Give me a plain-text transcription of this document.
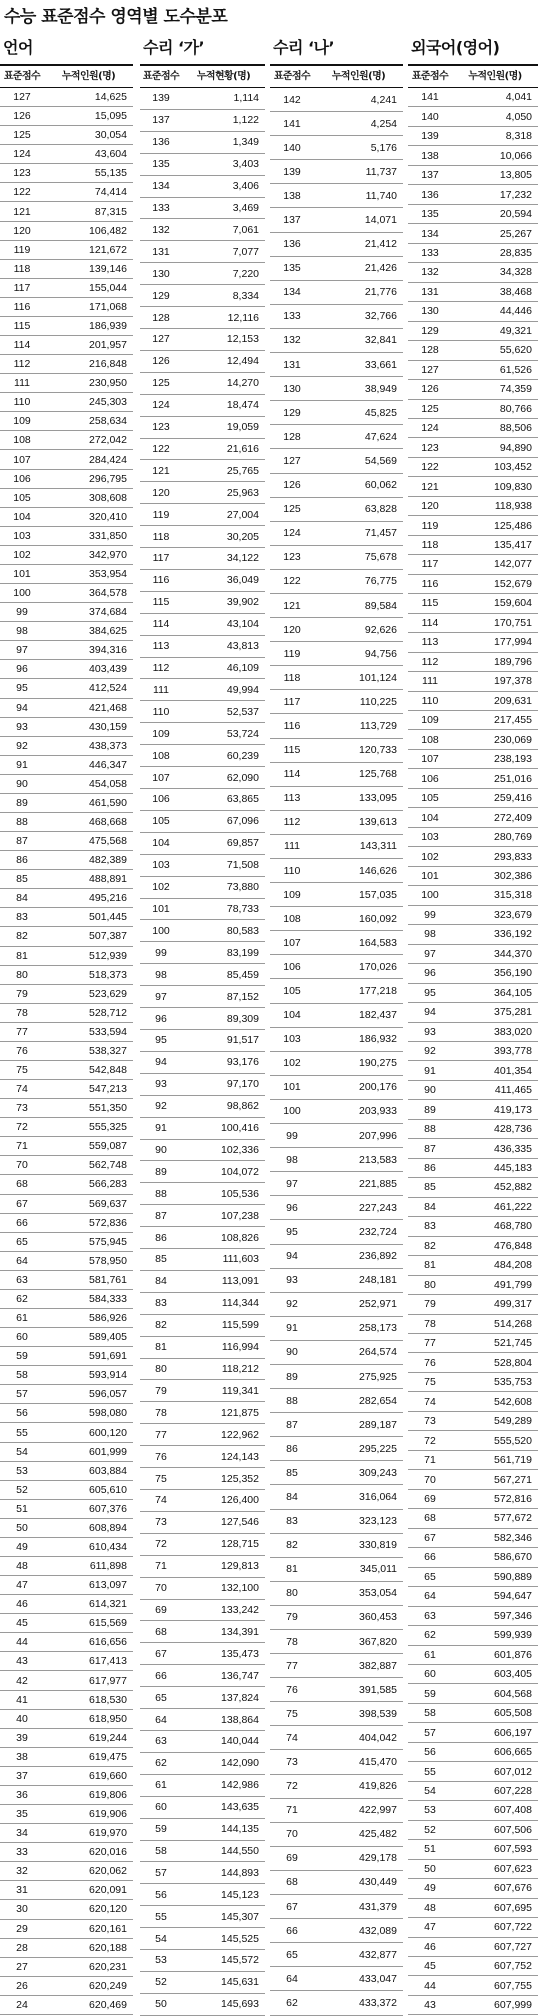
수능 표준점수 영역별 도수분포
언어
표준점수	누적인원(명)
127	14,625
126	15,095
125	30,054
124	43,604
123	55,135
122	74,414
121	87,315
120	106,482
119	121,672
118	139,146
117	155,044
116	171,068
115	186,939
114	201,957
112	216,848
111	230,950
110	245,303
109	258,634
108	272,042
107	284,424
106	296,795
105	308,608
104	320,410
103	331,850
102	342,970
101	353,954
100	364,578
99	374,684
98	384,625
97	394,316
96	403,439
95	412,524
94	421,468
93	430,159
92	438,373
91	446,347
90	454,058
89	461,590
88	468,668
87	475,568
86	482,389
85	488,891
84	495,216
83	501,445
82	507,387
81	512,939
80	518,373
79	523,629
78	528,712
77	533,594
76	538,327
75	542,848
74	547,213
73	551,350
72	555,325
71	559,087
70	562,748
68	566,283
67	569,637
66	572,836
65	575,945
64	578,950
63	581,761
62	584,333
61	586,926
60	589,405
59	591,691
58	593,914
57	596,057
56	598,080
55	600,120
54	601,999
53	603,884
52	605,610
51	607,376
50	608,894
49	610,434
48	611,898
47	613,097
46	614,321
45	615,569
44	616,656
43	617,413
42	617,977
41	618,530
40	618,950
39	619,244
38	619,475
37	619,660
36	619,806
35	619,906
34	619,970
33	620,016
32	620,062
31	620,091
30	620,120
29	620,161
28	620,188
27	620,231
26	620,249
24	620,469
수리 ‘가’
표준점수	누적현황(명)
139	1,114
137	1,122
136	1,349
135	3,403
134	3,406
133	3,469
132	7,061
131	7,077
130	7,220
129	8,334
128	12,116
127	12,153
126	12,494
125	14,270
124	18,474
123	19,059
122	21,616
121	25,765
120	25,963
119	27,004
118	30,205
117	34,122
116	36,049
115	39,902
114	43,104
113	43,813
112	46,109
111	49,994
110	52,537
109	53,724
108	60,239
107	62,090
106	63,865
105	67,096
104	69,857
103	71,508
102	73,880
101	78,733
100	80,583
99	83,199
98	85,459
97	87,152
96	89,309
95	91,517
94	93,176
93	97,170
92	98,862
91	100,416
90	102,336
89	104,072
88	105,536
87	107,238
86	108,826
85	111,603
84	113,091
83	114,344
82	115,599
81	116,994
80	118,212
79	119,341
78	121,875
77	122,962
76	124,143
75	125,352
74	126,400
73	127,546
72	128,715
71	129,813
70	132,100
69	133,242
68	134,391
67	135,473
66	136,747
65	137,824
64	138,864
63	140,044
62	142,090
61	142,986
60	143,635
59	144,135
58	144,550
57	144,893
56	145,123
55	145,307
54	145,525
53	145,572
52	145,631
50	145,693
수리 ‘나’
표준점수	누적인원(명)
142	4,241
141	4,254
140	5,176
139	11,737
138	11,740
137	14,071
136	21,412
135	21,426
134	21,776
133	32,766
132	32,841
131	33,661
130	38,949
129	45,825
128	47,624
127	54,569
126	60,062
125	63,828
124	71,457
123	75,678
122	76,775
121	89,584
120	92,626
119	94,756
118	101,124
117	110,225
116	113,729
115	120,733
114	125,768
113	133,095
112	139,613
111	143,311
110	146,626
109	157,035
108	160,092
107	164,583
106	170,026
105	177,218
104	182,437
103	186,932
102	190,275
101	200,176
100	203,933
99	207,996
98	213,583
97	221,885
96	227,243
95	232,724
94	236,892
93	248,181
92	252,971
91	258,173
90	264,574
89	275,925
88	282,654
87	289,187
86	295,225
85	309,243
84	316,064
83	323,123
82	330,819
81	345,011
80	353,054
79	360,453
78	367,820
77	382,887
76	391,585
75	398,539
74	404,042
73	415,470
72	419,826
71	422,997
70	425,482
69	429,178
68	430,449
67	431,379
66	432,089
65	432,877
64	433,047
62	433,372
외국어(영어)
표준점수	누적인원(명)
141	4,041
140	4,050
139	8,318
138	10,066
137	13,805
136	17,232
135	20,594
134	25,267
133	28,835
132	34,328
131	38,468
130	44,446
129	49,321
128	55,620
127	61,526
126	74,359
125	80,766
124	88,506
123	94,890
122	103,452
121	109,830
120	118,938
119	125,486
118	135,417
117	142,077
116	152,679
115	159,604
114	170,751
113	177,994
112	189,796
111	197,378
110	209,631
109	217,455
108	230,069
107	238,193
106	251,016
105	259,416
104	272,409
103	280,769
102	293,833
101	302,386
100	315,318
99	323,679
98	336,192
97	344,370
96	356,190
95	364,105
94	375,281
93	383,020
92	393,778
91	401,354
90	411,465
89	419,173
88	428,736
87	436,335
86	445,183
85	452,882
84	461,222
83	468,780
82	476,848
81	484,208
80	491,799
79	499,317
78	514,268
77	521,745
76	528,804
75	535,753
74	542,608
73	549,289
72	555,520
71	561,719
70	567,271
69	572,816
68	577,672
67	582,346
66	586,670
65	590,889
64	594,647
63	597,346
62	599,939
61	601,876
60	603,405
59	604,568
58	605,508
57	606,197
56	606,665
55	607,012
54	607,228
53	607,408
52	607,506
51	607,593
50	607,623
49	607,676
48	607,695
47	607,722
46	607,727
45	607,752
44	607,755
43	607,999
